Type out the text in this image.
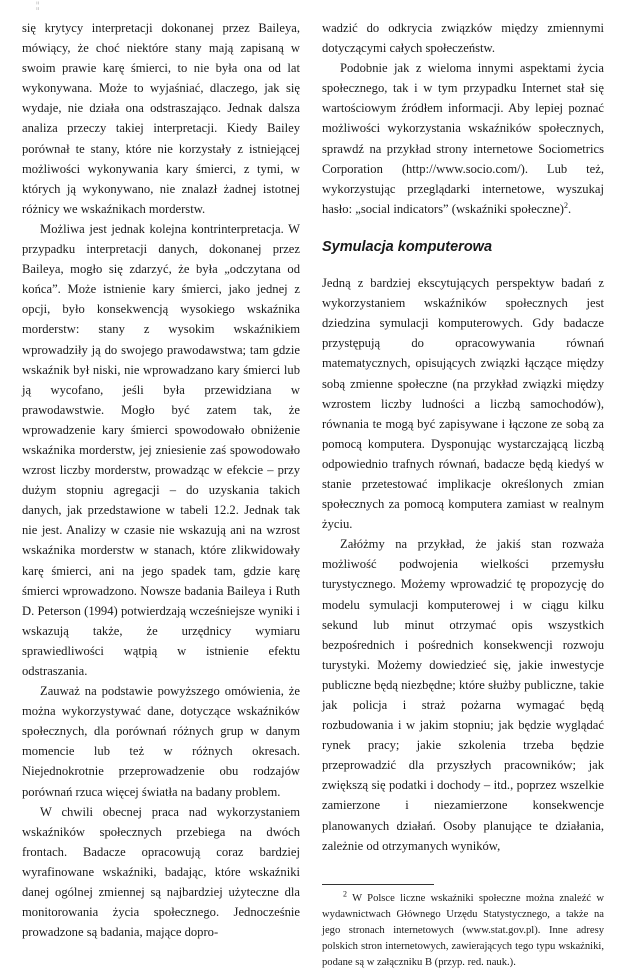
¦¦

się krytycy interpretacji dokonanej przez Baileya, mówiący, że choć niektóre stany mają zapisaną w swoim prawie karę śmierci, to nie była ona od lat wykonywana. Może to wyjaśniać, dlaczego, jak się wydaje, nie działa ona odstraszająco. Jednak dalsza analiza przeczy takiej interpretacji. Kiedy Bailey porównał te stany, które nie korzystały z istniejącej możliwości wykonywania kary śmierci, z tymi, w których ją wykonywano, nie znalazł żadnej istotnej różnicy we wskaźnikach morderstw.

Możliwa jest jednak kolejna kontrinterpretacja. W przypadku interpretacji danych, dokonanej przez Baileya, mogło się zdarzyć, że była „odczytana od końca”. Może istnienie kary śmierci, jako jednej z opcji, było konsekwencją wysokiego wskaźnika morderstw: stany z wysokim wskaźnikiem wprowadziły ją do swojego prawodawstwa; tam gdzie wskaźnik był niski, nie wprowadzano kary śmierci lub ją wycofano, jeśli była przewidziana w prawodawstwie. Mogło być zatem tak, że wprowadzenie kary śmierci spowodowało obniżenie wskaźnika morderstw, jej zniesienie zaś spowodowało wzrost liczby morderstw, prowadząc w efekcie – przy dużym stopniu agregacji – do uzyskania takich danych, jak przedstawione w tabeli 12.2. Jednak tak nie jest. Analizy w czasie nie wskazują ani na wzrost wskaźnika morderstw w stanach, które zlikwidowały karę śmierci, ani na jego spadek tam, gdzie karę śmierci wprowadzono. Nowsze badania Baileya i Ruth D. Peterson (1994) potwierdzają wcześniejsze wyniki i wskazują także, że urzędnicy wymiaru sprawiedliwości wątpią w istnienie efektu odstraszania.

Zauważ na podstawie powyższego omówienia, że można wykorzystywać dane, dotyczące wskaźników społecznych, dla porównań różnych grup w danym momencie lub też w różnych okresach. Niejednokrotnie przeprowadzenie obu rodzajów porównań rzuca więcej światła na badany problem.

W chwili obecnej praca nad wykorzystaniem wskaźników społecznych przebiega na dwóch frontach. Badacze opracowują coraz bardziej wyrafinowane wskaźniki, badając, które wskaźniki danej ogólnej zmiennej są najbardziej użyteczne dla monitorowania życia społecznego. Jednocześnie prowadzone są badania, mające dopro-

wadzić do odkrycia związków między zmiennymi dotyczącymi całych społeczeństw.

Podobnie jak z wieloma innymi aspektami życia społecznego, tak i w tym przypadku Internet stał się wartościowym źródłem informacji. Aby lepiej poznać możliwości wykorzystania wskaźników społecznych, sprawdź na przykład strony internetowe Sociometrics Corporation (http://www.socio.com/). Lub też, wykorzystując przeglądarki internetowe, wyszukaj hasło: „social indicators” (wskaźniki społeczne)$^2$.

Symulacja komputerowa

Jedną z bardziej ekscytujących perspektyw badań z wykorzystaniem wskaźników społecznych jest dziedzina symulacji komputerowych. Gdy badacze przystępują do opracowywania równań matematycznych, opisujących związki łączące między sobą zmienne społeczne (na przykład związki między wzrostem liczby ludności a liczbą samochodów), równania te mogą być zapisywane i łączone ze sobą za pomocą komputera. Dysponując wystarczającą liczbą odpowiednio trafnych równań, badacze będą kiedyś w stanie przetestować implikacje określonych zmian społecznych za pomocą komputera zamiast w realnym życiu.

Załóżmy na przykład, że jakiś stan rozważa możliwość podwojenia wielkości przemysłu turystycznego. Możemy wprowadzić tę propozycję do modelu symulacji komputerowej i w ciągu kilku sekund lub minut otrzymać opis wszystkich bezpośrednich i pośrednich konsekwencji rozwoju turystyki. Możemy dowiedzieć się, jakie inwestycje publiczne będą niezbędne; które służby publiczne, takie jak policja i straż pożarna wymagać będą rozbudowania i w jakim stopniu; jak będzie wyglądać rynek pracy; jakie szkolenia trzeba będzie przeprowadzić dla przyszłych pracowników; jak zwiększą się podatki i dochody – itd., poprzez wszelkie zamierzone i niezamierzone konsekwencje planowanych działań. Osoby planujące te działania, zależnie od otrzymanych wyników,

$^2$ W Polsce liczne wskaźniki społeczne można znaleźć w wydawnictwach Głównego Urzędu Statystycznego, a także na jego stronach internetowych (www.stat.gov.pl). Inne adresy polskich stron internetowych, zawierających tego typu wskaźniki, podane są w załączniku B (przyp. red. nauk.).
